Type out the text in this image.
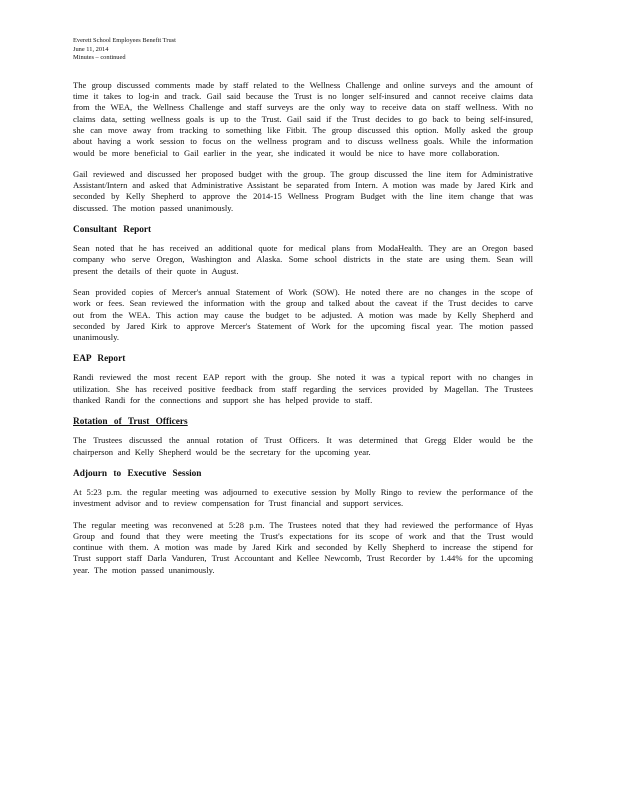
Everett School Employees Benefit Trust

June 11, 2014

Minutes – continued

The group discussed comments made by staff related to the Wellness Challenge and online surveys and the amount of time it takes to log-in and track. Gail said because the Trust is no longer self-insured and cannot receive claims data from the WEA, the Wellness Challenge and staff surveys are the only way to receive data on staff wellness. With no claims data, setting wellness goals is up to the Trust. Gail said if the Trust decides to go back to being self-insured, she can move away from tracking to something like Fitbit. The group discussed this option. Molly asked the group about having a work session to focus on the wellness program and to discuss wellness goals. While the information would be more beneficial to Gail earlier in the year, she indicated it would be nice to have more collaboration.

Gail reviewed and discussed her proposed budget with the group. The group discussed the line item for Administrative Assistant/Intern and asked that Administrative Assistant be separated from Intern. A motion was made by Jared Kirk and seconded by Kelly Shepherd to approve the 2014-15 Wellness Program Budget with the line item change that was discussed. The motion passed unanimously.

Consultant Report

Sean noted that he has received an additional quote for medical plans from ModaHealth. They are an Oregon based company who serve Oregon, Washington and Alaska. Some school districts in the state are using them. Sean will present the details of their quote in August.

Sean provided copies of Mercer's annual Statement of Work (SOW). He noted there are no changes in the scope of work or fees. Sean reviewed the information with the group and talked about the caveat if the Trust decides to carve out from the WEA. This action may cause the budget to be adjusted. A motion was made by Kelly Shepherd and seconded by Jared Kirk to approve Mercer's Statement of Work for the upcoming fiscal year. The motion passed unanimously.

EAP Report

Randi reviewed the most recent EAP report with the group. She noted it was a typical report with no changes in utilization. She has received positive feedback from staff regarding the services provided by Magellan. The Trustees thanked Randi for the connections and support she has helped provide to staff.

Rotation of Trust Officers

The Trustees discussed the annual rotation of Trust Officers. It was determined that Gregg Elder would be the chairperson and Kelly Shepherd would be the secretary for the upcoming year.

Adjourn to Executive Session

At 5:23 p.m. the regular meeting was adjourned to executive session by Molly Ringo to review the performance of the investment advisor and to review compensation for Trust financial and support services.

The regular meeting was reconvened at 5:28 p.m. The Trustees noted that they had reviewed the performance of Hyas Group and found that they were meeting the Trust's expectations for its scope of work and that the Trust would continue with them. A motion was made by Jared Kirk and seconded by Kelly Shepherd to increase the stipend for Trust support staff Darla Vanduren, Trust Accountant and Kellee Newcomb, Trust Recorder by 1.44% for the upcoming year. The motion passed unanimously.
